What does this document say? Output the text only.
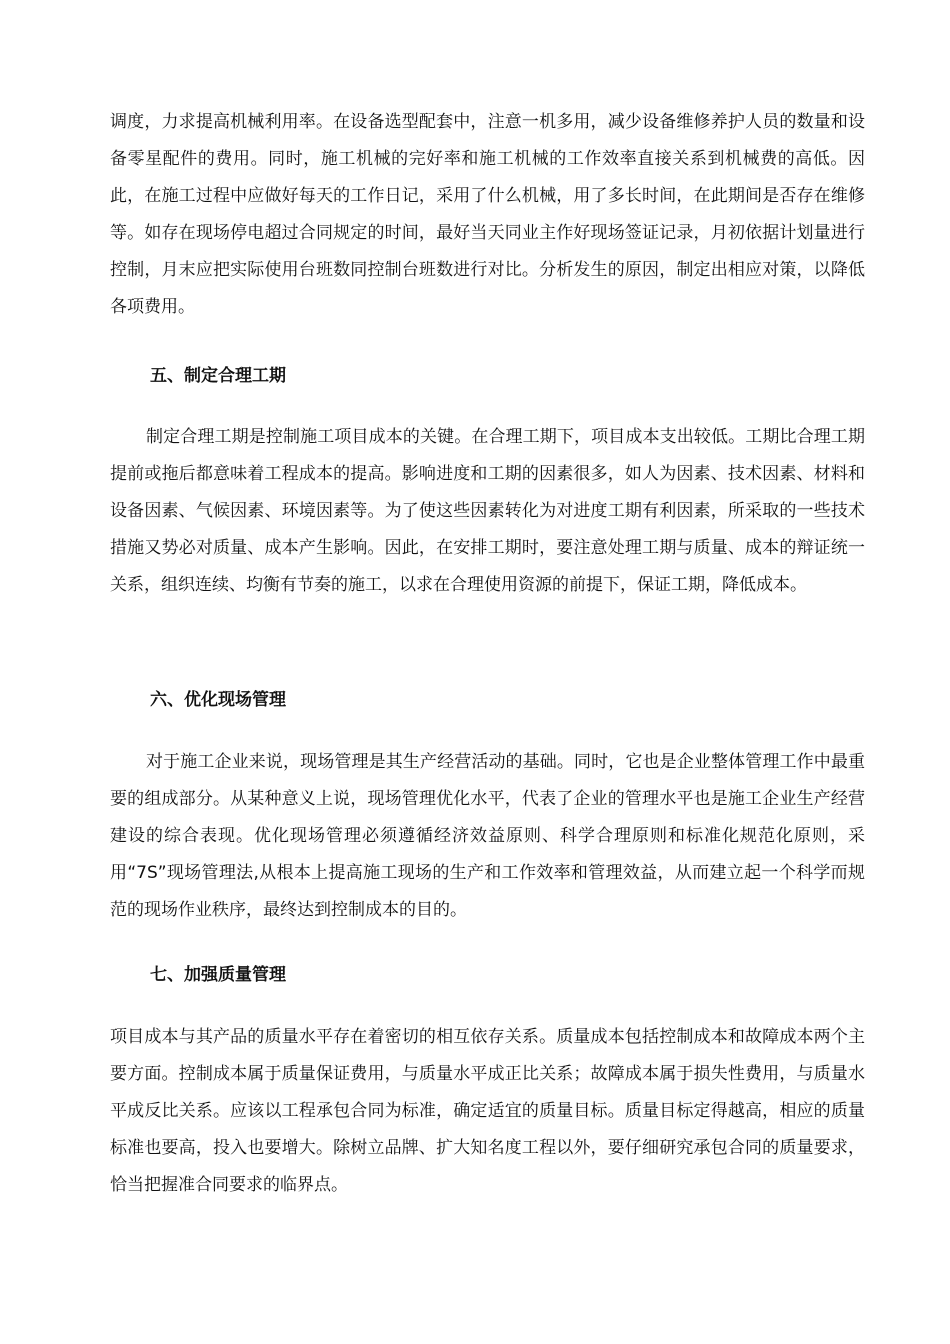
调度，力求提高机械利用率。在设备选型配套中，注意一机多用，减少设备维修养护人员的数量和设备零星配件的费用。同时，施工机械的完好率和施工机械的工作效率直接关系到机械费的高低。因此，在施工过程中应做好每天的工作日记，采用了什么机械，用了多长时间，在此期间是否存在维修等。如存在现场停电超过合同规定的时间，最好当天同业主作好现场签证记录，月初依据计划量进行控制，月末应把实际使用台班数同控制台班数进行对比。分析发生的原因，制定出相应对策，以降低各项费用。

五、制定合理工期

制定合理工期是控制施工项目成本的关键。在合理工期下，项目成本支出较低。工期比合理工期提前或拖后都意味着工程成本的提高。影响进度和工期的因素很多，如人为因素、技术因素、材料和设备因素、气候因素、环境因素等。为了使这些因素转化为对进度工期有利因素，所采取的一些技术措施又势必对质量、成本产生影响。因此，在安排工期时，要注意处理工期与质量、成本的辩证统一关系，组织连续、均衡有节奏的施工，以求在合理使用资源的前提下，保证工期，降低成本。

六、优化现场管理

对于施工企业来说，现场管理是其生产经营活动的基础。同时，它也是企业整体管理工作中最重要的组成部分。从某种意义上说，现场管理优化水平，代表了企业的管理水平也是施工企业生产经营建设的综合表现。优化现场管理必须遵循经济效益原则、科学合理原则和标准化规范化原则，采用“7S”现场管理法,从根本上提高施工现场的生产和工作效率和管理效益，从而建立起一个科学而规范的现场作业秩序，最终达到控制成本的目的。

七、加强质量管理

项目成本与其产品的质量水平存在着密切的相互依存关系。质量成本包括控制成本和故障成本两个主要方面。控制成本属于质量保证费用，与质量水平成正比关系；故障成本属于损失性费用，与质量水平成反比关系。应该以工程承包合同为标准，确定适宜的质量目标。质量目标定得越高，相应的质量标准也要高，投入也要增大。除树立品牌、扩大知名度工程以外，要仔细研究承包合同的质量要求，恰当把握准合同要求的临界点。
